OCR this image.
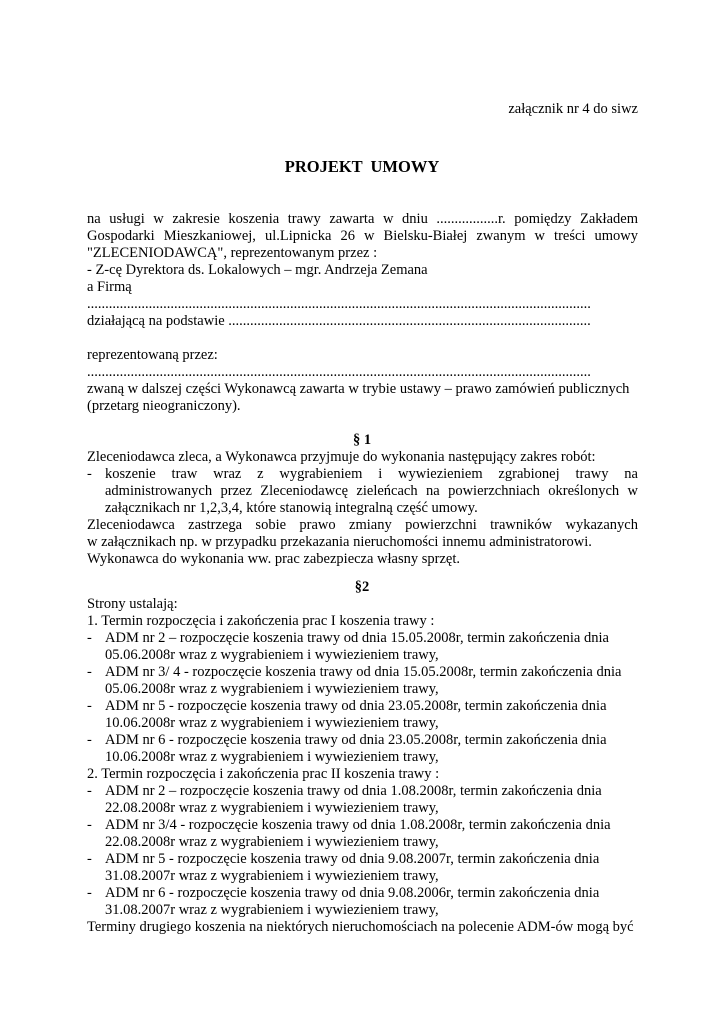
załącznik nr 4 do siwz
PROJEKT UMOWY
na usługi w zakresie koszenia trawy zawarta w dniu .................r. pomiędzy Zakładem
Gospodarki Mieszkaniowej, ul.Lipnicka 26 w Bielsku-Białej zwanym w treści umowy
"ZLECENIODAWCĄ", reprezentowanym przez :
- Z-cę Dyrektora ds. Lokalowych – mgr. Andrzeja Zemana
a Firmą
...........................................................................................................................................
działającą na podstawie ....................................................................................................
reprezentowaną przez:
...........................................................................................................................................
zwaną w dalszej części Wykonawcą zawarta w trybie ustawy – prawo zamówień publicznych
(przetarg nieograniczony).
§ 1
Zleceniodawca zleca, a Wykonawca przyjmuje do wykonania następujący zakres robót:
- koszenie traw wraz z wygrabieniem i wywiezieniem zgrabionej trawy na
administrowanych przez Zleceniodawcę zieleńcach na powierzchniach określonych w
załącznikach nr 1,2,3,4, które stanowią integralną część umowy.
Zleceniodawca zastrzega sobie prawo zmiany powierzchni trawników wykazanych
w załącznikach np. w przypadku przekazania nieruchomości innemu administratorowi.
Wykonawca do wykonania ww. prac zabezpiecza własny sprzęt.
§2
Strony ustalają:
1. Termin rozpoczęcia i zakończenia prac I koszenia trawy :
- ADM nr 2 – rozpoczęcie koszenia trawy od dnia 15.05.2008r, termin zakończenia dnia
05.06.2008r wraz z wygrabieniem i wywiezieniem trawy,
- ADM nr 3/ 4 - rozpoczęcie koszenia trawy od dnia 15.05.2008r, termin zakończenia dnia
05.06.2008r wraz z wygrabieniem i wywiezieniem trawy,
- ADM nr 5 - rozpoczęcie koszenia trawy od dnia 23.05.2008r, termin zakończenia dnia
10.06.2008r wraz z wygrabieniem i wywiezieniem trawy,
- ADM nr 6 - rozpoczęcie koszenia trawy od dnia 23.05.2008r, termin zakończenia dnia
10.06.2008r wraz z wygrabieniem i wywiezieniem trawy,
2. Termin rozpoczęcia i zakończenia prac II koszenia trawy :
- ADM nr 2 – rozpoczęcie koszenia trawy od dnia 1.08.2008r, termin zakończenia dnia
22.08.2008r wraz z wygrabieniem i wywiezieniem trawy,
- ADM nr 3/4 - rozpoczęcie koszenia trawy od dnia 1.08.2008r, termin zakończenia dnia
22.08.2008r wraz z wygrabieniem i wywiezieniem trawy,
- ADM nr 5 - rozpoczęcie koszenia trawy od dnia 9.08.2007r, termin zakończenia dnia
31.08.2007r wraz z wygrabieniem i wywiezieniem trawy,
- ADM nr 6 - rozpoczęcie koszenia trawy od dnia 9.08.2006r, termin zakończenia dnia
31.08.2007r wraz z wygrabieniem i wywiezieniem trawy,
Terminy drugiego koszenia na niektórych nieruchomościach na polecenie ADM-ów mogą być
